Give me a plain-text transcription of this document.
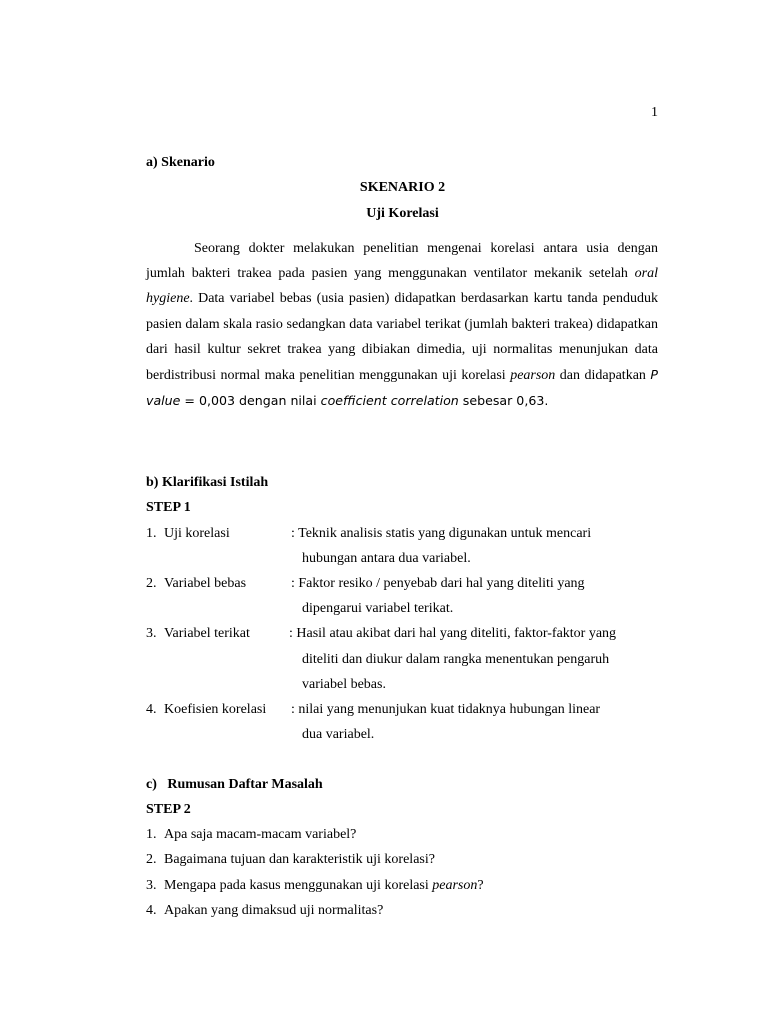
1
a) Skenario
SKENARIO 2
Uji Korelasi
Seorang dokter melakukan penelitian mengenai korelasi antara usia dengan jumlah bakteri trakea pada pasien yang menggunakan ventilator mekanik setelah oral hygiene. Data variabel bebas (usia pasien) didapatkan berdasarkan kartu tanda penduduk pasien dalam skala rasio sedangkan data variabel terikat (jumlah bakteri trakea) didapatkan dari hasil kultur sekret trakea yang dibiakan dimedia, uji normalitas menunjukan data berdistribusi normal maka penelitian menggunakan uji korelasi pearson dan didapatkan P value = 0,003 dengan nilai coefficient correlation sebesar 0,63.
b) Klarifikasi Istilah
STEP 1
1. Uji korelasi	: Teknik analisis statis yang digunakan untuk mencari
hubungan antara dua variabel.
2. Variabel bebas	: Faktor resiko / penyebab dari hal yang diteliti yang
dipengarui variabel terikat.
3. Variabel terikat	: Hasil atau akibat dari hal yang diteliti, faktor-faktor yang
diteliti dan diukur dalam rangka menentukan pengaruh
variabel bebas.
4. Koefisien korelasi : nilai yang menunjukan kuat tidaknya hubungan linear
dua variabel.
c)   Rumusan Daftar Masalah
STEP 2
1. Apa saja macam-macam variabel?
2. Bagaimana tujuan dan karakteristik uji korelasi?
3. Mengapa pada kasus menggunakan uji korelasi pearson?
4. Apakan yang dimaksud uji normalitas?
